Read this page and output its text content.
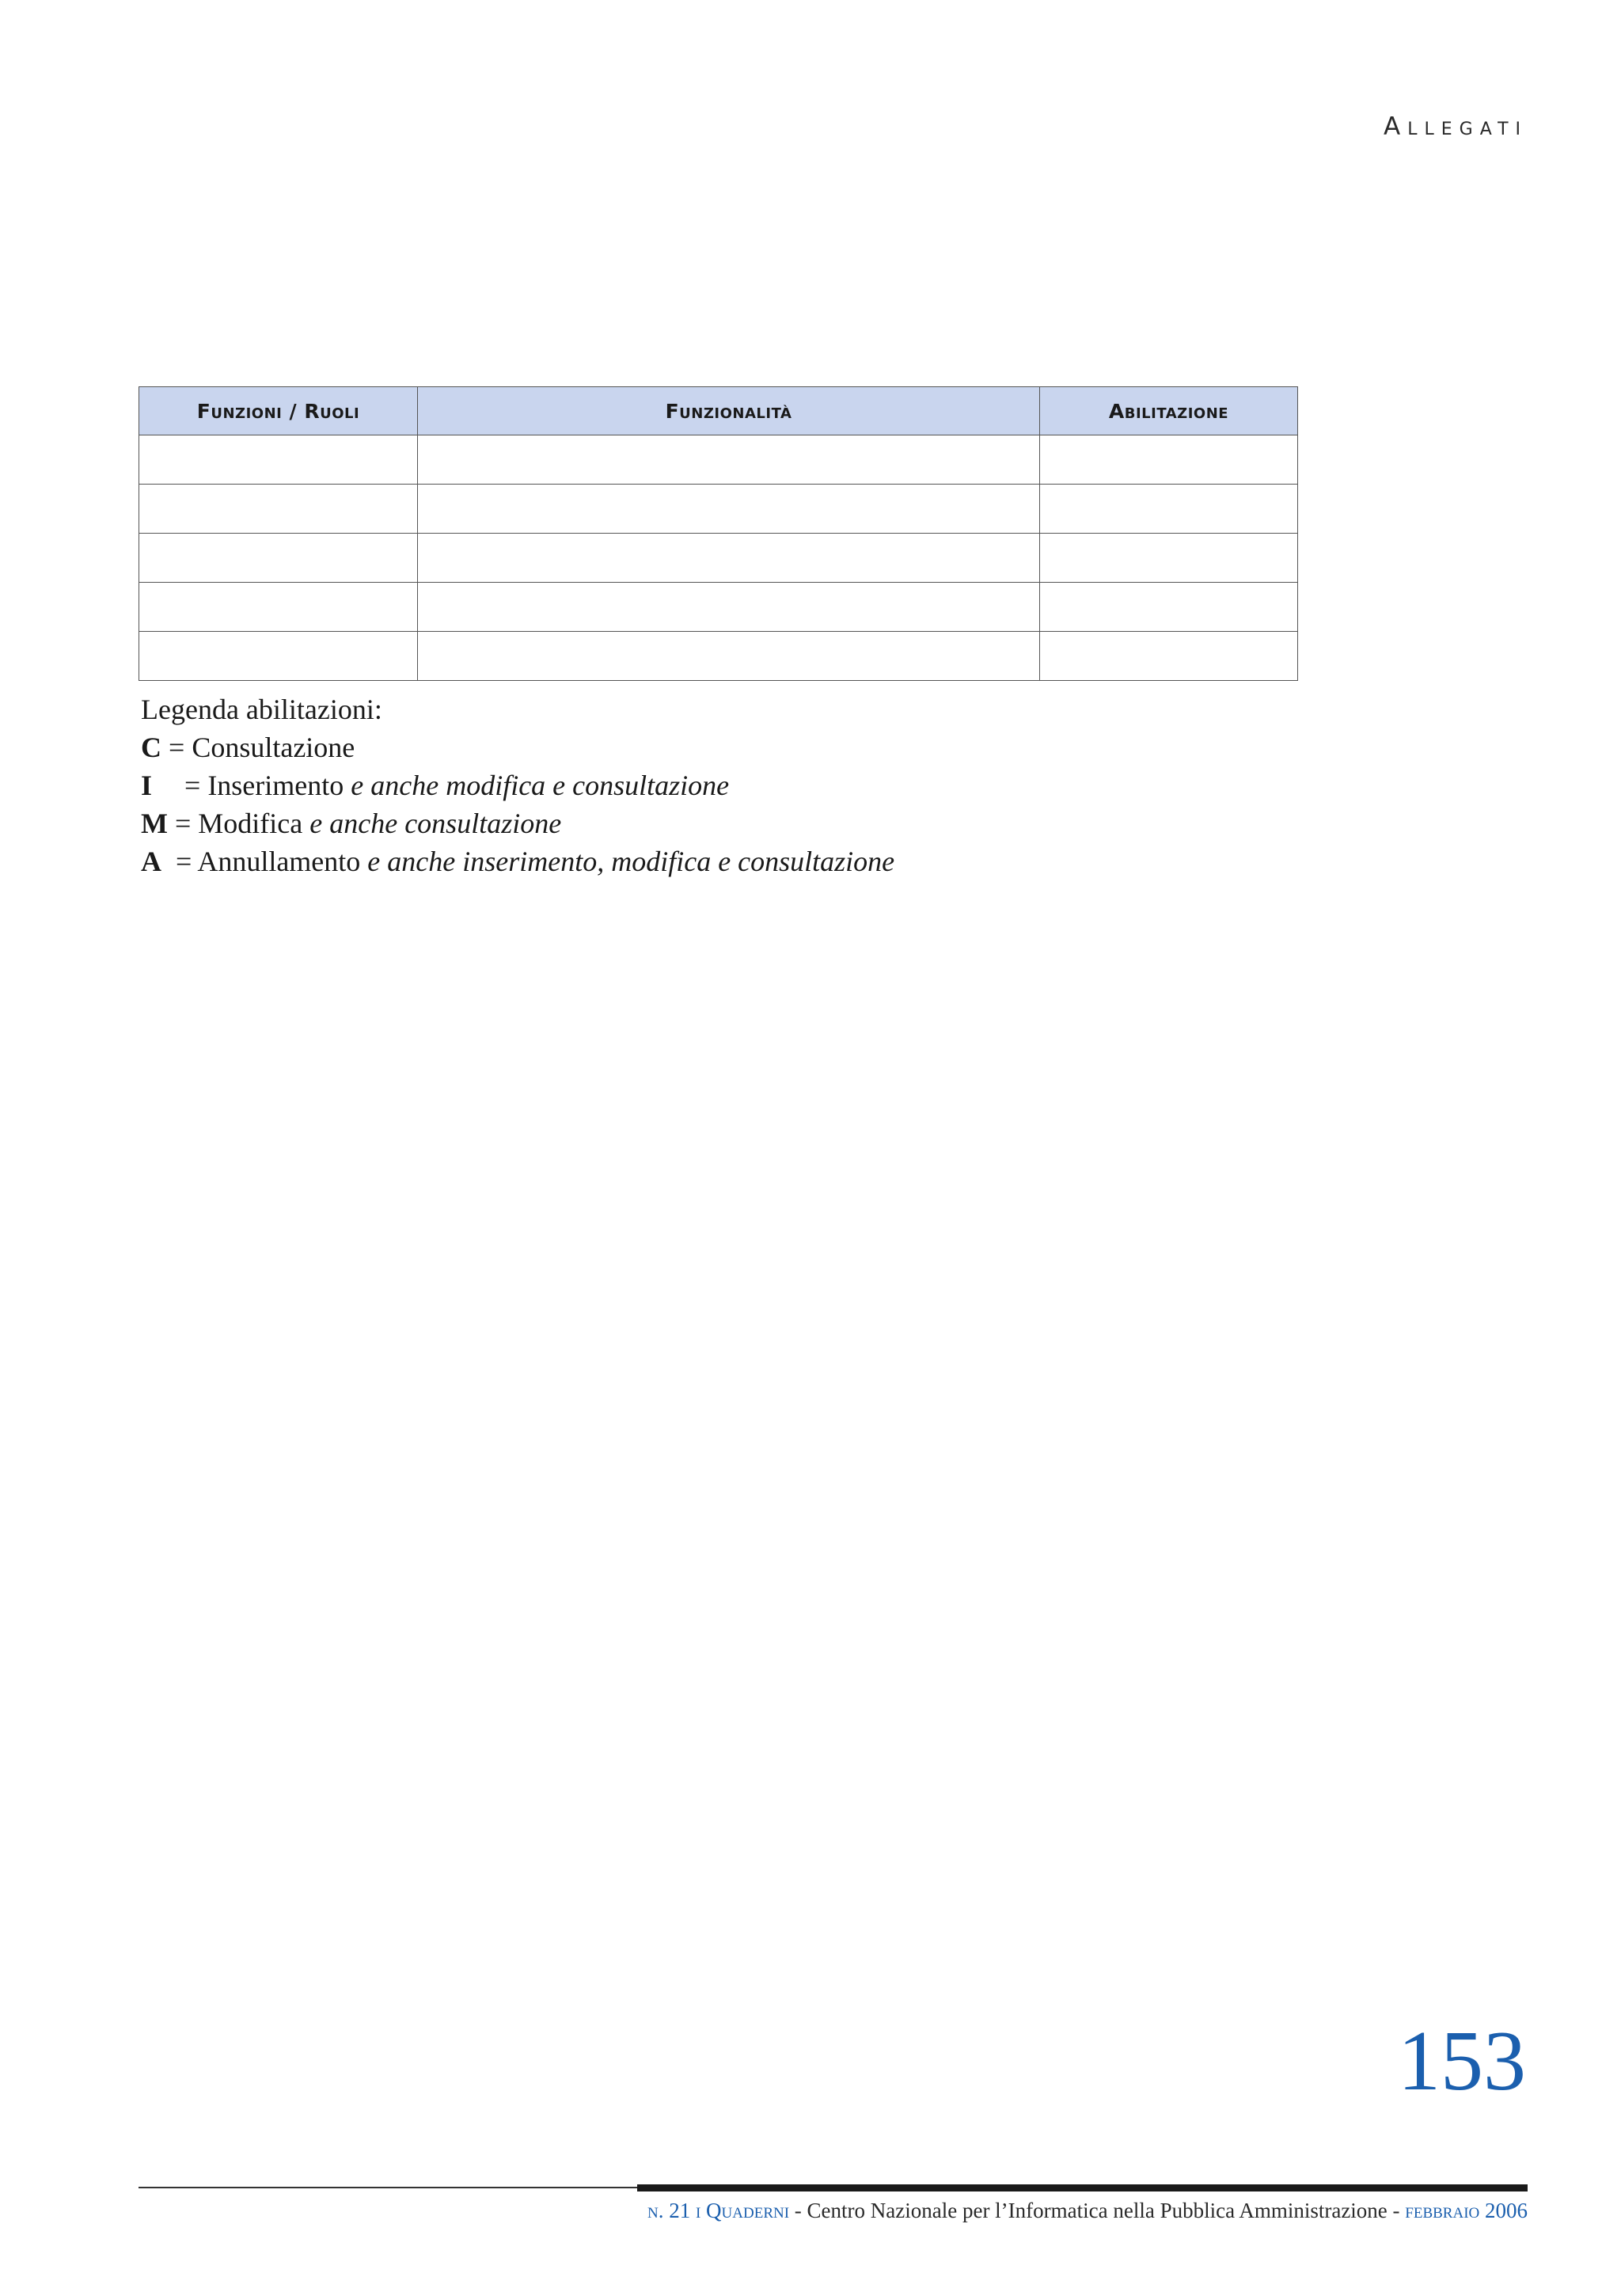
Allegati
Funzioni / Ruoli	Funzionalità	Abilitazione

Legenda abilitazioni:
C = Consultazione
I = Inserimento e anche modifica e consultazione
M = Modifica e anche consultazione
A  = Annullamento e anche inserimento, modifica e consultazione
153
n. 21 i Quaderni - Centro Nazionale per l’Informatica nella Pubblica Amministrazione - febbraio 2006
